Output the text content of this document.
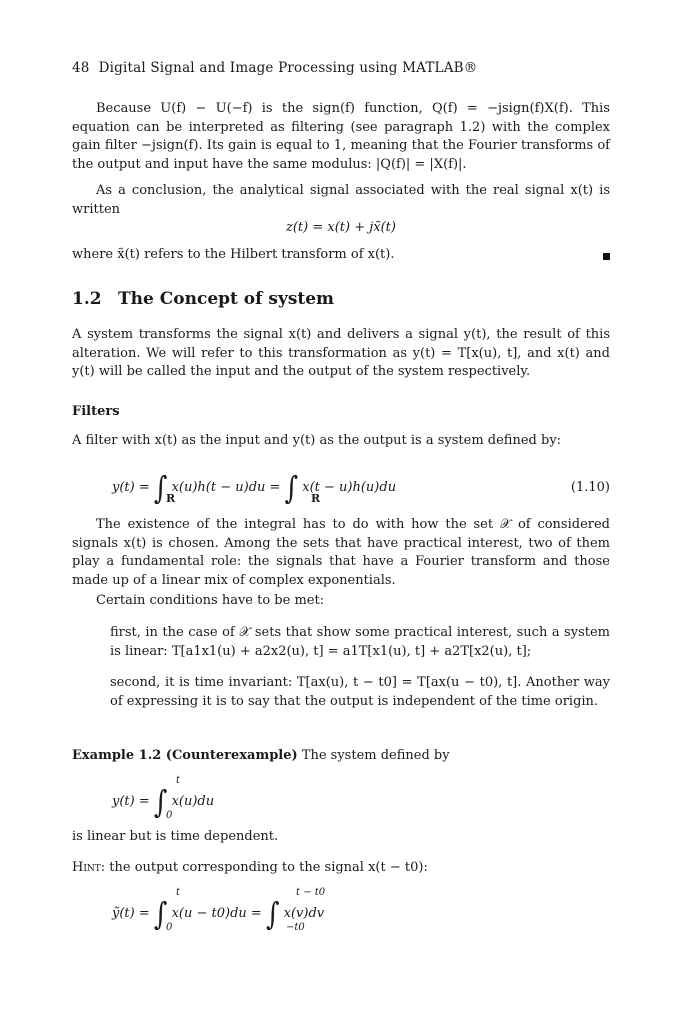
48 Digital Signal and Image Processing using MATLAB®
Because U(f) − U(−f) is the sign(f) function, Q(f) = −jsign(f)X(f). This equation can be interpreted as filtering (see paragraph 1.2) with the complex gain filter −jsign(f). Its gain is equal to 1, meaning that the Fourier transforms of the output and input have the same modulus: |Q(f)| = |X(f)|.
As a conclusion, the analytical signal associated with the real signal x(t) is written
z(t) = x(t) + jx̃(t)
where x̃(t) refers to the Hilbert transform of x(t).
1.2 The Concept of system
A system transforms the signal x(t) and delivers a signal y(t), the result of this alteration. We will refer to this transformation as y(t) = T[x(u), t], and x(t) and y(t) will be called the input and the output of the system respectively.
Filters
A filter with x(t) as the input and y(t) as the output is a system defined by:
y(t) = ∫ x(u)h(t − u)du = ∫ x(t − u)h(u)du
R	R
(1.10)
The existence of the integral has to do with how the set 𝒳 of considered signals x(t) is chosen. Among the sets that have practical interest, two of them play a fundamental role: the signals that have a Fourier transform and those made up of a linear mix of complex exponentials.
Certain conditions have to be met:
first, in the case of 𝒳 sets that show some practical interest, such a system is linear: T[a1x1(u) + a2x2(u), t] = a1T[x1(u), t] + a2T[x2(u), t];
second, it is time invariant: T[ax(u), t − t0] = T[ax(u − t0), t]. Another way of expressing it is to say that the output is independent of the time origin.
Example 1.2 (Counterexample) The system defined by
y(t) = ∫ x(u)du
t
0
is linear but is time dependent.
Hint: the output corresponding to the signal x(t − t0):
ỹ(t) = ∫ x(u − t0)du = ∫ x(v)dv
t
0
t − t0
−t0
